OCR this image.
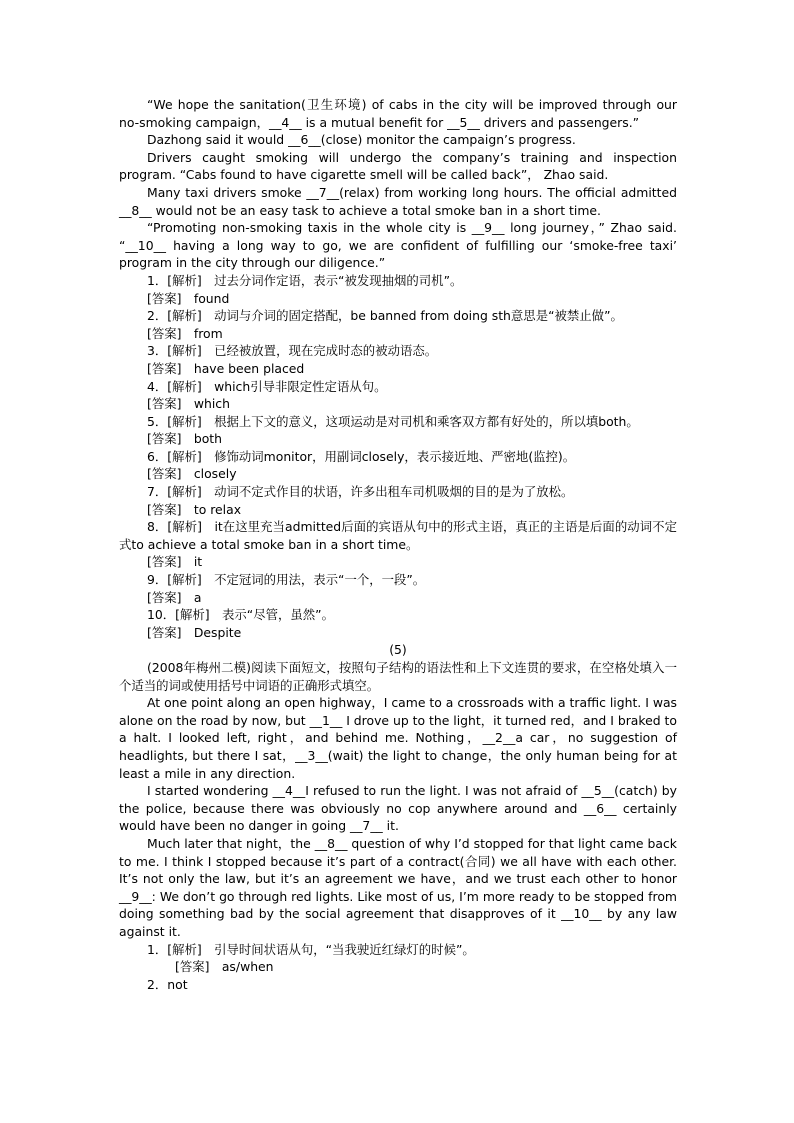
“We hope the sanitation(卫生环境) of cabs in the city will be improved through our no-smoking campaign，__4__ is a mutual benefit for __5__ drivers and passengers.”

Dazhong said it would __6__(close) monitor the campaign’s progress.

Drivers caught smoking will undergo the company’s training and inspection program. “Cabs found to have cigarette smell will be called back”， Zhao said.

Many taxi drivers smoke __7__(relax) from working long hours. The official admitted __8__ would not be an easy task to achieve a total smoke ban in a short time.

“Promoting non-smoking taxis in the whole city is __9__ long journey，” Zhao said. “__10__ having a long way to go, we are confident of fulfilling our ‘smoke-free taxi’ program in the city through our diligence.”

1．[解析]　过去分词作定语，表示“被发现抽烟的司机”。

[答案]　found

2．[解析]　动词与介词的固定搭配，be banned from doing sth意思是“被禁止做”。

[答案]　from

3．[解析]　已经被放置，现在完成时态的被动语态。

[答案]　have been placed

4．[解析]　which引导非限定性定语从句。

[答案]　which

5．[解析]　根据上下文的意义，这项运动是对司机和乘客双方都有好处的，所以填both。

[答案]　both

6．[解析]　修饰动词monitor，用副词closely，表示接近地、严密地(监控)。

[答案]　closely

7．[解析]　动词不定式作目的状语，许多出租车司机吸烟的目的是为了放松。

[答案]　to relax

8．[解析]　it在这里充当admitted后面的宾语从句中的形式主语，真正的主语是后面的动词不定式to achieve a total smoke ban in a short time。

[答案]　it

9．[解析]　不定冠词的用法，表示“一个，一段”。

[答案]　a

10．[解析]　表示“尽管，虽然”。

[答案]　Despite

(5)

(2008年梅州二模)阅读下面短文，按照句子结构的语法性和上下文连贯的要求，在空格处填入一个适当的词或使用括号中词语的正确形式填空。

At one point along an open highway，I came to a crossroads with a traffic light. I was alone on the road by now, but __1__ I drove up to the light，it turned red，and I braked to a halt. I looked left, right，and behind me. Nothing，__2__a car，no suggestion of headlights, but there I sat，__3__(wait) the light to change，the only human being for at least a mile in any direction.

I started wondering __4__I refused to run the light. I was not afraid of __5__(catch) by the police, because there was obviously no cop anywhere around and __6__ certainly would have been no danger in going __7__ it.

Much later that night，the __8__ question of why I’d stopped for that light came back to me. I think I stopped because it’s part of a contract(合同) we all have with each other. It’s not only the law, but it’s an agreement we have，and we trust each other to honor __9__: We don’t go through red lights. Like most of us, I’m more ready to be stopped from doing something bad by the social agreement that disapproves of it __10__ by any law against it.

1．[解析]　引导时间状语从句，“当我驶近红绿灯的时候”。

[答案]　as/when

2．not
